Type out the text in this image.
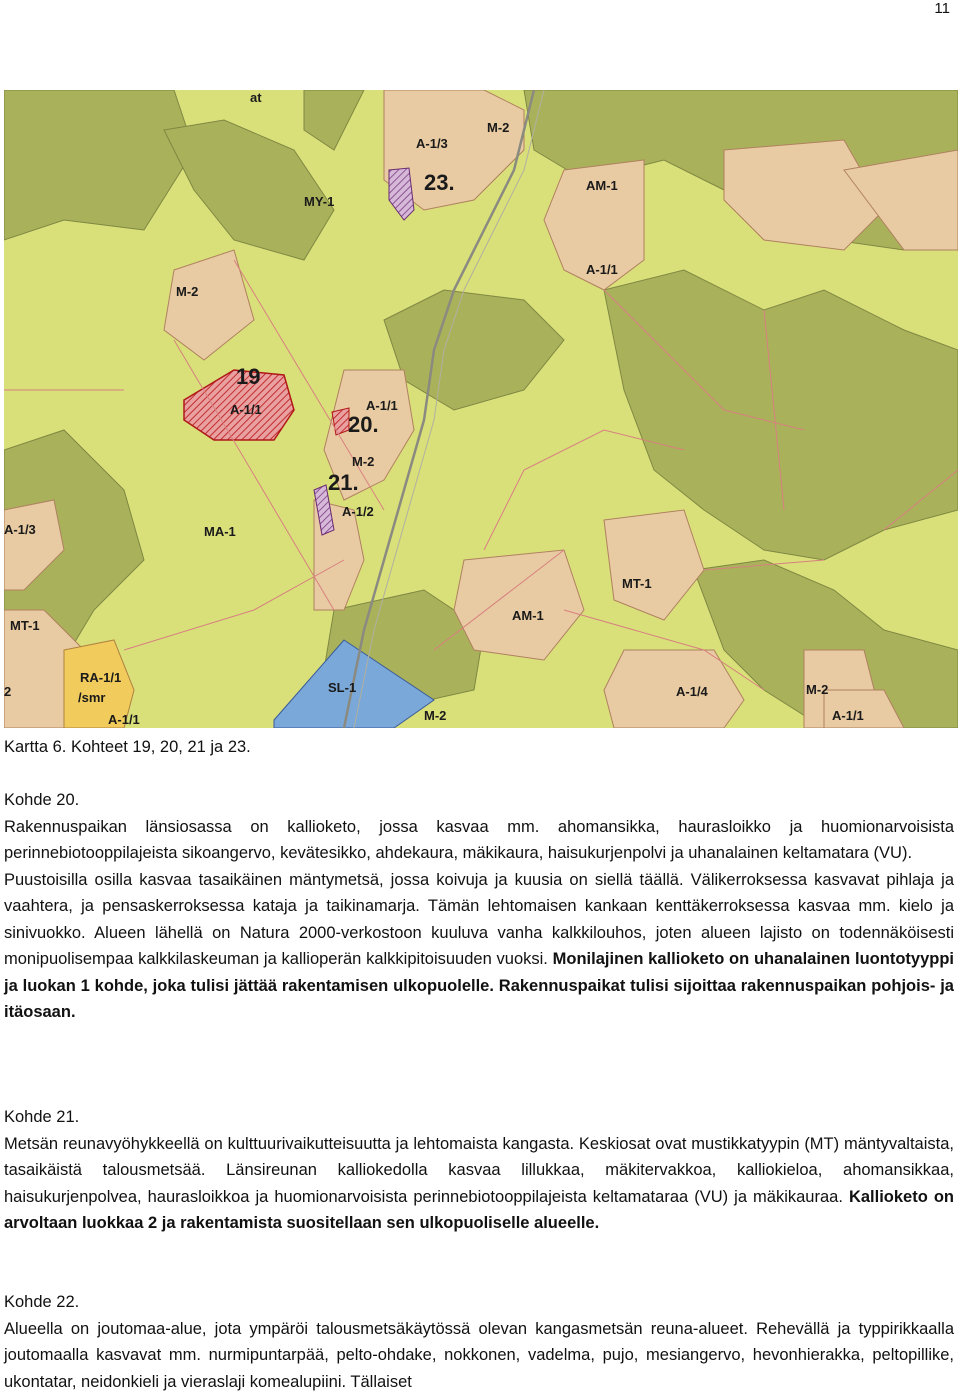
11
at
A-1/3
M-2
23.
MY-1
AM-1
A-1/1
M-2
19
A-1/1	A-1/1
20.
M-2
21.
A-1/2
A-1/3	MA-1
MT-1
AM-1
MT-1
RA-1/1
/smr
2	SL-1
M-2
A-1/4	M-2
A-1/1
A-1/1
Kartta 6. Kohteet 19, 20, 21 ja 23.

Kohde 20.

Rakennuspaikan länsiosassa on kallioketo, jossa kasvaa mm. ahomansikka, haurasloikko ja huomionarvoisista perinnebiotooppilajeista sikoangervo, kevätesikko, ahdekaura, mäkikaura, haisukurjenpolvi ja uhanalainen keltamatara (VU).

Puustoisilla osilla kasvaa tasaikäinen mäntymetsä, jossa koivuja ja kuusia on siellä täällä. Välikerroksessa kasvavat pihlaja ja vaahtera, ja pensaskerroksessa kataja ja taikinamarja. Tämän lehtomaisen kankaan kenttäkerroksessa kasvaa mm. kielo ja sinivuokko. Alueen lähellä on Natura 2000-verkostoon kuuluva vanha kalkkilouhos, joten alueen lajisto on todennäköisesti monipuolisempaa kalkkilaskeuman ja kallioperän kalkkipitoisuuden vuoksi. Monilajinen kallioketo on uhanalainen luontotyyppi ja luokan 1 kohde, joka tulisi jättää rakentamisen ulkopuolelle. Rakennuspaikat tulisi sijoittaa rakennuspaikan pohjois- ja itäosaan.

Kohde 21.

Metsän reunavyöhykkeellä on kulttuurivaikutteisuutta ja lehtomaista kangasta. Keskiosat ovat mustikkatyypin (MT) mäntyvaltaista, tasaikäistä talousmetsää. Länsireunan kalliokedolla kasvaa lillukkaa, mäkitervakkoa, kalliokieloa, ahomansikkaa, haisukurjenpolvea, haurasloikkoa ja huomionarvoisista perinnebiotooppilajeista keltamataraa (VU) ja mäkikauraa. Kallioketo on arvoltaan luokkaa 2 ja rakentamista suositellaan sen ulkopuoliselle alueelle.

Kohde 22.

Alueella on joutomaa-alue, jota ympäröi talousmetsäkäytössä olevan kangasmetsän reuna-alueet. Rehevällä ja typpirikkaalla joutomaalla kasvavat mm. nurmipuntarpää, pelto-ohdake, nokkonen, vadelma, pujo, mesiangervo, hevonhierakka, peltopillike, ukontatar, neidonkieli ja vieraslaji komealupiini. Tällaiset
